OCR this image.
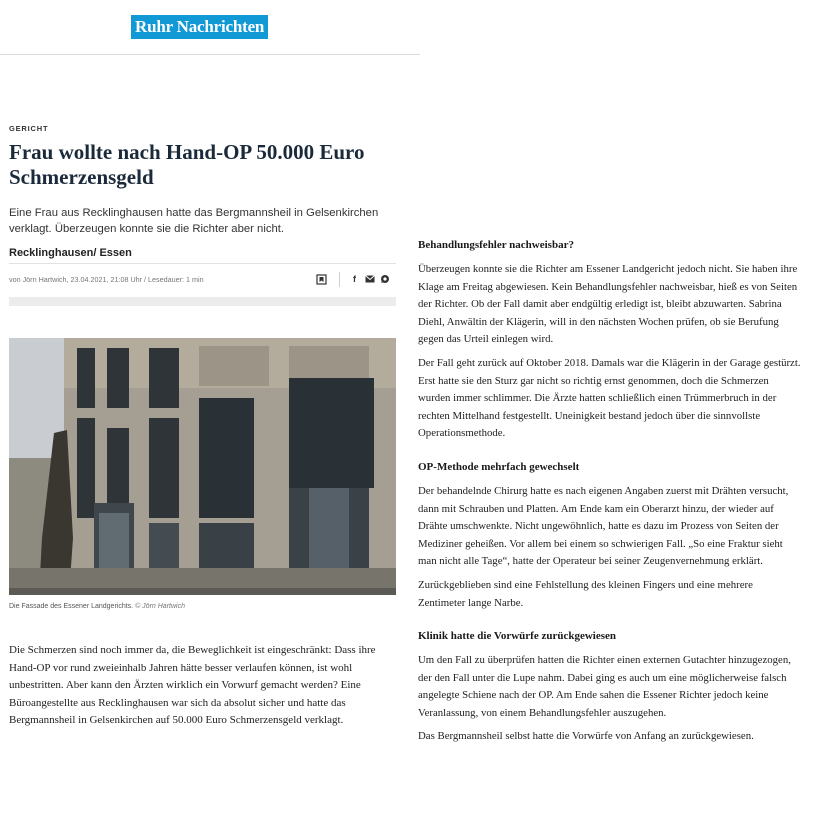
Ruhr Nachrichten
GERICHT
Frau wollte nach Hand-OP 50.000 Euro Schmerzensgeld

Eine Frau aus Recklinghausen hatte das Bergmannsheil in Gelsenkirchen verklagt. Überzeugen konnte sie die Richter aber nicht.

Recklinghausen/ Essen
von Jörn Hartwich, 23.04.2021, 21:08 Uhr / Lesedauer: 1 min	f
Die Fassade des Essener Landgerichts. © Jörn Hartwich

Die Schmerzen sind noch immer da, die Beweglichkeit ist eingeschränkt: Dass ihre Hand-OP vor rund zweieinhalb Jahren hätte besser verlaufen können, ist wohl unbestritten. Aber kann den Ärzten wirklich ein Vorwurf gemacht werden? Eine Büroangestellte aus Recklinghausen war sich da absolut sicher und hatte das Bergmannsheil in Gelsenkirchen auf 50.000 Euro Schmerzensgeld verklagt.

Behandlungsfehler nachweisbar?

Überzeugen konnte sie die Richter am Essener Landgericht jedoch nicht. Sie haben ihre Klage am Freitag abgewiesen. Kein Behandlungsfehler nachweisbar, hieß es von Seiten der Richter. Ob der Fall damit aber endgültig erledigt ist, bleibt abzuwarten. Sabrina Diehl, Anwältin der Klägerin, will in den nächsten Wochen prüfen, ob sie Berufung gegen das Urteil einlegen wird.

Der Fall geht zurück auf Oktober 2018. Damals war die Klägerin in der Garage gestürzt. Erst hatte sie den Sturz gar nicht so richtig ernst genommen, doch die Schmerzen wurden immer schlimmer. Die Ärzte hatten schließlich einen Trümmerbruch in der rechten Mittelhand festgestellt. Uneinigkeit bestand jedoch über die sinnvollste Operationsmethode.

OP-Methode mehrfach gewechselt

Der behandelnde Chirurg hatte es nach eigenen Angaben zuerst mit Drähten versucht, dann mit Schrauben und Platten. Am Ende kam ein Oberarzt hinzu, der wieder auf Drähte umschwenkte. Nicht ungewöhnlich, hatte es dazu im Prozess von Seiten der Mediziner geheißen. Vor allem bei einem so schwierigen Fall. „So eine Fraktur sieht man nicht alle Tage“, hatte der Operateur bei seiner Zeugenvernehmung erklärt.

Zurückgeblieben sind eine Fehlstellung des kleinen Fingers und eine mehrere Zentimeter lange Narbe.

Klinik hatte die Vorwürfe zurückgewiesen

Um den Fall zu überprüfen hatten die Richter einen externen Gutachter hinzugezogen, der den Fall unter die Lupe nahm. Dabei ging es auch um eine möglicherweise falsch angelegte Schiene nach der OP. Am Ende sahen die Essener Richter jedoch keine Veranlassung, von einem Behandlungsfehler auszugehen.

Das Bergmannsheil selbst hatte die Vorwürfe von Anfang an zurückgewiesen.
